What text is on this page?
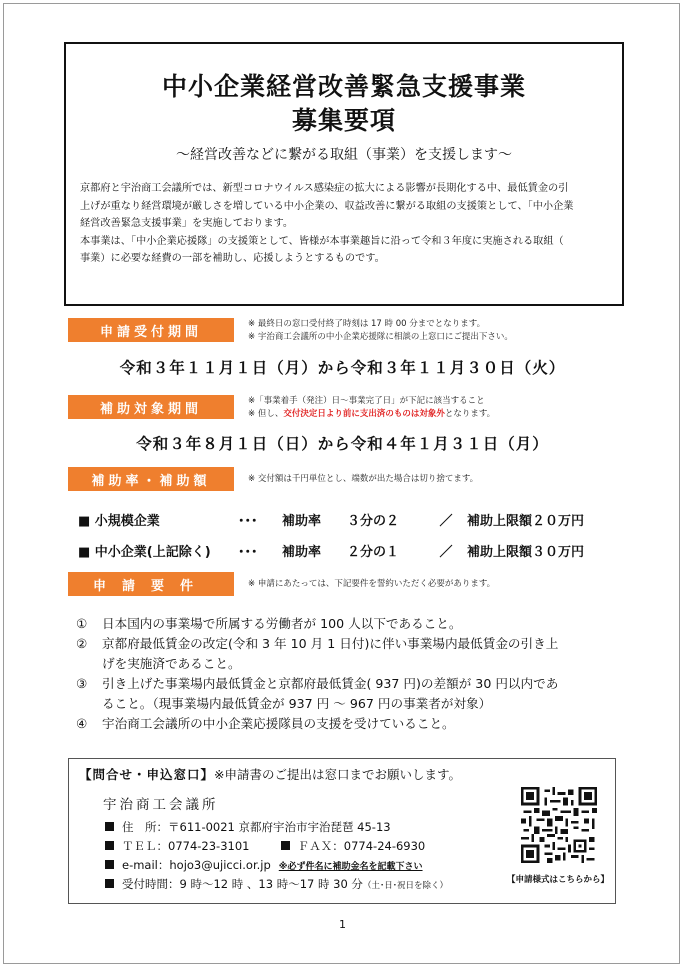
中小企業経営改善緊急支援事業
募集要項
～経営改善などに繋がる取組（事業）を支援します～

京都府と宇治商工会議所では、新型コロナウイルス感染症の拡大による影響が長期化する中、最低賃金の引

上げが重なり経営環境が厳しさを増している中小企業の、収益改善に繋がる取組の支援策として、「中小企業

経営改善緊急支援事業」を実施しております。

本事業は、「中小企業応援隊」の支援策として、皆様が本事業趣旨に沿って令和３年度に実施される取組（

事業）に必要な経費の一部を補助し、応援しようとするものです。

申請受付期間
※ 最終日の窓口受付終了時刻は 17 時 00 分までとなります。
※ 宇治商工会議所の中小企業応援隊に相談の上窓口にご提出下さい。
令和３年１１月１日（月）から令和３年１１月３０日（火）
補助対象期間
※「事業着手（発注）日～事業完了日」が下記に該当すること
※ 但し、交付決定日より前に支出済のものは対象外となります。
令和３年８月１日（日）から令和４年１月３１日（月）
補助率・補助額	※ 交付額は千円単位とし、端数が出た場合は切り捨てます。
■ 小規模企業	･･･	補助率	３分の２	／	補助上限額２０万円
■ 中小企業(上記除く)	･･･	補助率	２分の１	／	補助上限額３０万円
申請要件	※ 申請にあたっては、下記要件を誓約いただく必要があります。
①	日本国内の事業場で所属する労働者が 100 人以下であること。
②	京都府最低賃金の改定(令和 3 年 10 月 1 日付)に伴い事業場内最低賃金の引き上
げを実施済であること。
③	引き上げた事業場内最低賃金と京都府最低賃金( 937 円)の差額が 30 円以内であ
ること。（現事業場内最低賃金が 937 円 ～ 967 円の事業者が対象）
④	宇治商工会議所の中小企業応援隊員の支援を受けていること。
【問合せ・申込窓口】※申請書のご提出は窓口までお願いします。
宇治商工会議所
住　所：〒611-0021 京都府宇治市宇治琵琶 45-13
ＴＥＬ：0774-23-3101	ＦＡＸ：0774-24-6930
e-mail：hojo3@ujicci.or.jp ※必ず件名に補助金名を記載下さい
受付時間：9 時～12 時 、13 時～17 時 30 分（土･日･祝日を除く）
【申請様式はこちらから】
1
